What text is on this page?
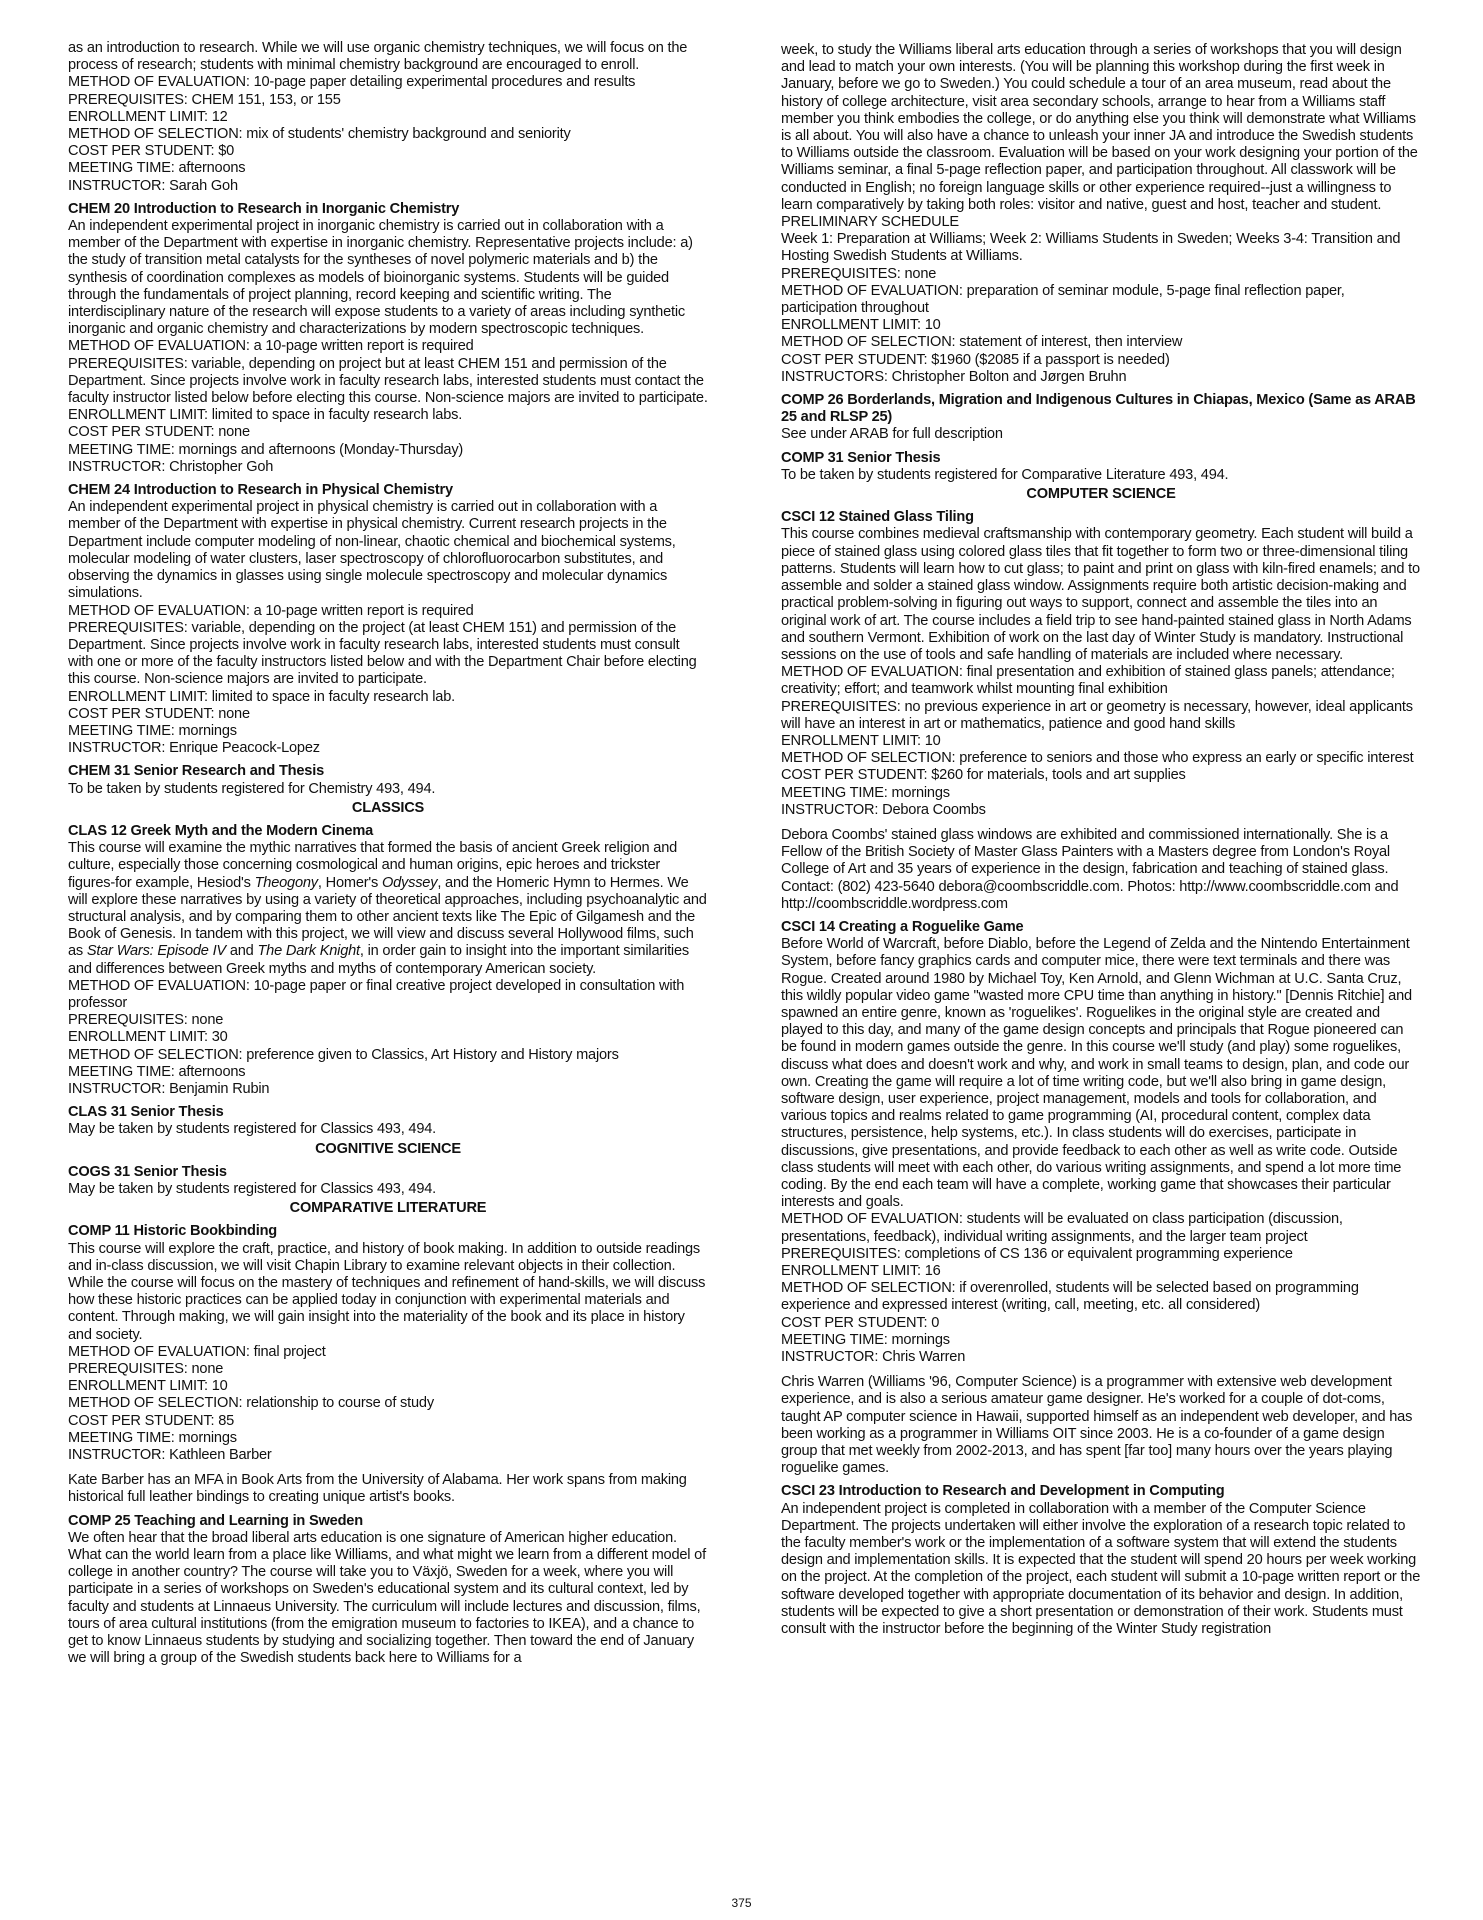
as an introduction to research. While we will use organic chemistry techniques, we will focus on the process of research; students with minimal chemistry background are encouraged to enroll.
METHOD OF EVALUATION: 10-page paper detailing experimental procedures and results
PREREQUISITES: CHEM 151, 153, or 155
ENROLLMENT LIMIT: 12
METHOD OF SELECTION: mix of students' chemistry background and seniority
COST PER STUDENT: $0
MEETING TIME: afternoons
INSTRUCTOR: Sarah Goh
CHEM 20 Introduction to Research in Inorganic Chemistry
An independent experimental project in inorganic chemistry is carried out in collaboration with a member of the Department with expertise in inorganic chemistry. Representative projects include: a) the study of transition metal catalysts for the syntheses of novel polymeric materials and b) the synthesis of coordination complexes as models of bioinorganic systems. Students will be guided through the fundamentals of project planning, record keeping and scientific writing. The interdisciplinary nature of the research will expose students to a variety of areas including synthetic inorganic and organic chemistry and characterizations by modern spectroscopic techniques.
METHOD OF EVALUATION: a 10-page written report is required
PREREQUISITES: variable, depending on project but at least CHEM 151 and permission of the Department. Since projects involve work in faculty research labs, interested students must contact the faculty instructor listed below before electing this course. Non-science majors are invited to participate.
ENROLLMENT LIMIT: limited to space in faculty research labs.
COST PER STUDENT: none
MEETING TIME: mornings and afternoons (Monday-Thursday)
INSTRUCTOR: Christopher Goh
CHEM 24 Introduction to Research in Physical Chemistry
An independent experimental project in physical chemistry is carried out in collaboration with a member of the Department with expertise in physical chemistry. Current research projects in the Department include computer modeling of non-linear, chaotic chemical and biochemical systems, molecular modeling of water clusters, laser spectroscopy of chlorofluorocarbon substitutes, and observing the dynamics in glasses using single molecule spectroscopy and molecular dynamics simulations.
METHOD OF EVALUATION: a 10-page written report is required
PREREQUISITES: variable, depending on the project (at least CHEM 151) and permission of the Department. Since projects involve work in faculty research labs, interested students must consult with one or more of the faculty instructors listed below and with the Department Chair before electing this course. Non-science majors are invited to participate.
ENROLLMENT LIMIT: limited to space in faculty research lab.
COST PER STUDENT: none
MEETING TIME: mornings
INSTRUCTOR: Enrique Peacock-Lopez
CHEM 31 Senior Research and Thesis
To be taken by students registered for Chemistry 493, 494.
CLASSICS
CLAS 12 Greek Myth and the Modern Cinema
This course will examine the mythic narratives that formed the basis of ancient Greek religion and culture, especially those concerning cosmological and human origins, epic heroes and trickster figures-for example, Hesiod's Theogony, Homer's Odyssey, and the Homeric Hymn to Hermes. We will explore these narratives by using a variety of theoretical approaches, including psychoanalytic and structural analysis, and by comparing them to other ancient texts like The Epic of Gilgamesh and the Book of Genesis. In tandem with this project, we will view and discuss several Hollywood films, such as Star Wars: Episode IV and The Dark Knight, in order gain to insight into the important similarities and differences between Greek myths and myths of contemporary American society.
METHOD OF EVALUATION: 10-page paper or final creative project developed in consultation with professor
PREREQUISITES: none
ENROLLMENT LIMIT: 30
METHOD OF SELECTION: preference given to Classics, Art History and History majors
MEETING TIME: afternoons
INSTRUCTOR: Benjamin Rubin
CLAS 31 Senior Thesis
May be taken by students registered for Classics 493, 494.
COGNITIVE SCIENCE
COGS 31 Senior Thesis
May be taken by students registered for Classics 493, 494.
COMPARATIVE LITERATURE
COMP 11 Historic Bookbinding
This course will explore the craft, practice, and history of book making. In addition to outside readings and in-class discussion, we will visit Chapin Library to examine relevant objects in their collection. While the course will focus on the mastery of techniques and refinement of hand-skills, we will discuss how these historic practices can be applied today in conjunction with experimental materials and content. Through making, we will gain insight into the materiality of the book and its place in history and society.
METHOD OF EVALUATION: final project
PREREQUISITES: none
ENROLLMENT LIMIT: 10
METHOD OF SELECTION: relationship to course of study
COST PER STUDENT: 85
MEETING TIME: mornings
INSTRUCTOR: Kathleen Barber
Kate Barber has an MFA in Book Arts from the University of Alabama. Her work spans from making historical full leather bindings to creating unique artist's books.
COMP 25 Teaching and Learning in Sweden
We often hear that the broad liberal arts education is one signature of American higher education. What can the world learn from a place like Williams, and what might we learn from a different model of college in another country? The course will take you to Växjö, Sweden for a week, where you will participate in a series of workshops on Sweden's educational system and its cultural context, led by faculty and students at Linnaeus University. The curriculum will include lectures and discussion, films, tours of area cultural institutions (from the emigration museum to factories to IKEA), and a chance to get to know Linnaeus students by studying and socializing together. Then toward the end of January we will bring a group of the Swedish students back here to Williams for a
week, to study the Williams liberal arts education through a series of workshops that you will design and lead to match your own interests. (You will be planning this workshop during the first week in January, before we go to Sweden.) You could schedule a tour of an area museum, read about the history of college architecture, visit area secondary schools, arrange to hear from a Williams staff member you think embodies the college, or do anything else you think will demonstrate what Williams is all about. You will also have a chance to unleash your inner JA and introduce the Swedish students to Williams outside the classroom. Evaluation will be based on your work designing your portion of the Williams seminar, a final 5-page reflection paper, and participation throughout. All classwork will be conducted in English; no foreign language skills or other experience required--just a willingness to learn comparatively by taking both roles: visitor and native, guest and host, teacher and student.
PRELIMINARY SCHEDULE
Week 1: Preparation at Williams; Week 2: Williams Students in Sweden; Weeks 3-4: Transition and Hosting Swedish Students at Williams.
PREREQUISITES: none
METHOD OF EVALUATION: preparation of seminar module, 5-page final reflection paper, participation throughout
ENROLLMENT LIMIT: 10
METHOD OF SELECTION: statement of interest, then interview
COST PER STUDENT: $1960 ($2085 if a passport is needed)
INSTRUCTORS: Christopher Bolton and Jørgen Bruhn
COMP 26 Borderlands, Migration and Indigenous Cultures in Chiapas, Mexico (Same as ARAB 25 and RLSP 25)
See under ARAB for full description
COMP 31 Senior Thesis
To be taken by students registered for Comparative Literature 493, 494.
COMPUTER SCIENCE
CSCI 12 Stained Glass Tiling
This course combines medieval craftsmanship with contemporary geometry. Each student will build a piece of stained glass using colored glass tiles that fit together to form two or three-dimensional tiling patterns. Students will learn how to cut glass; to paint and print on glass with kiln-fired enamels; and to assemble and solder a stained glass window. Assignments require both artistic decision-making and practical problem-solving in figuring out ways to support, connect and assemble the tiles into an original work of art. The course includes a field trip to see hand-painted stained glass in North Adams and southern Vermont. Exhibition of work on the last day of Winter Study is mandatory. Instructional sessions on the use of tools and safe handling of materials are included where necessary.
METHOD OF EVALUATION: final presentation and exhibition of stained glass panels; attendance; creativity; effort; and teamwork whilst mounting final exhibition
PREREQUISITES: no previous experience in art or geometry is necessary, however, ideal applicants will have an interest in art or mathematics, patience and good hand skills
ENROLLMENT LIMIT: 10
METHOD OF SELECTION: preference to seniors and those who express an early or specific interest
COST PER STUDENT: $260 for materials, tools and art supplies
MEETING TIME: mornings
INSTRUCTOR: Debora Coombs
Debora Coombs' stained glass windows are exhibited and commissioned internationally. She is a Fellow of the British Society of Master Glass Painters with a Masters degree from London's Royal College of Art and 35 years of experience in the design, fabrication and teaching of stained glass. Contact: (802) 423-5640 debora@coombscriddle.com. Photos: http://www.coombscriddle.com and http://coombscriddle.wordpress.com
CSCI 14 Creating a Roguelike Game
Before World of Warcraft, before Diablo, before the Legend of Zelda and the Nintendo Entertainment System, before fancy graphics cards and computer mice, there were text terminals and there was Rogue. Created around 1980 by Michael Toy, Ken Arnold, and Glenn Wichman at U.C. Santa Cruz, this wildly popular video game "wasted more CPU time than anything in history." [Dennis Ritchie] and spawned an entire genre, known as 'roguelikes'. Roguelikes in the original style are created and played to this day, and many of the game design concepts and principals that Rogue pioneered can be found in modern games outside the genre. In this course we'll study (and play) some roguelikes, discuss what does and doesn't work and why, and work in small teams to design, plan, and code our own. Creating the game will require a lot of time writing code, but we'll also bring in game design, software design, user experience, project management, models and tools for collaboration, and various topics and realms related to game programming (AI, procedural content, complex data structures, persistence, help systems, etc.). In class students will do exercises, participate in discussions, give presentations, and provide feedback to each other as well as write code. Outside class students will meet with each other, do various writing assignments, and spend a lot more time coding. By the end each team will have a complete, working game that showcases their particular interests and goals.
METHOD OF EVALUATION: students will be evaluated on class participation (discussion, presentations, feedback), individual writing assignments, and the larger team project
PREREQUISITES: completions of CS 136 or equivalent programming experience
ENROLLMENT LIMIT: 16
METHOD OF SELECTION: if overenrolled, students will be selected based on programming experience and expressed interest (writing, call, meeting, etc. all considered)
COST PER STUDENT: 0
MEETING TIME: mornings
INSTRUCTOR: Chris Warren
Chris Warren (Williams '96, Computer Science) is a programmer with extensive web development experience, and is also a serious amateur game designer. He's worked for a couple of dot-coms, taught AP computer science in Hawaii, supported himself as an independent web developer, and has been working as a programmer in Williams OIT since 2003. He is a co-founder of a game design group that met weekly from 2002-2013, and has spent [far too] many hours over the years playing roguelike games.
CSCI 23 Introduction to Research and Development in Computing
An independent project is completed in collaboration with a member of the Computer Science Department. The projects undertaken will either involve the exploration of a research topic related to the faculty member's work or the implementation of a software system that will extend the students design and implementation skills. It is expected that the student will spend 20 hours per week working on the project. At the completion of the project, each student will submit a 10-page written report or the software developed together with appropriate documentation of its behavior and design. In addition, students will be expected to give a short presentation or demonstration of their work. Students must consult with the instructor before the beginning of the Winter Study registration
375
